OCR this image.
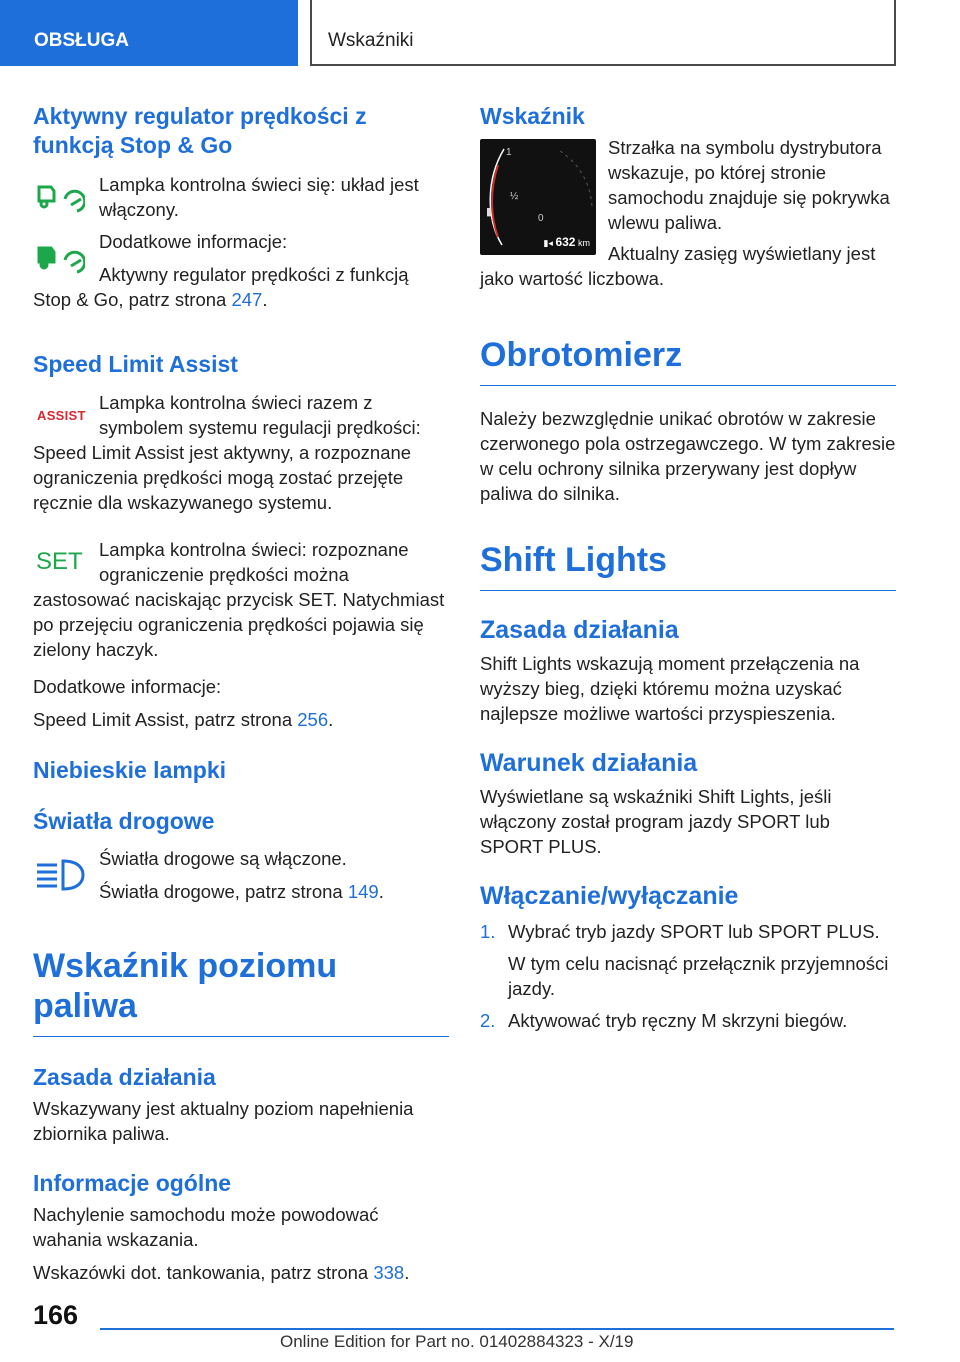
OBSŁUGA	Wskaźniki
Aktywny regulator prędkości z funkcją Stop & Go
Lampka kontrolna świeci się: układ jest włączony.
Dodatkowe informacje:
Aktywny regulator prędkości z funkcją Stop & Go, patrz strona 247.
Speed Limit Assist
ASSIST
Lampka kontrolna świeci razem z symbolem systemu regulacji prędkości: Speed Limit Assist jest aktywny, a rozpoznane ograniczenia prędkości mogą zostać przejęte ręcznie dla wskazywanego systemu.
SET Lampka kontrolna świeci: rozpoznane ograniczenie prędkości można zastosować naciskając przycisk SET. Natychmiast po przejęciu ograniczenia prędkości pojawia się zielony haczyk.
Dodatkowe informacje:
Speed Limit Assist, patrz strona 256.
Niebieskie lampki
Światła drogowe
Światła drogowe są włączone.
Światła drogowe, patrz strona 149.
Wskaźnik poziomu paliwa
Zasada działania
Wskazywany jest aktualny poziom napełnienia zbiornika paliwa.
Informacje ogólne
Nachylenie samochodu może powodować wahania wskazania.
Wskazówki dot. tankowania, patrz strona 338.
Wskaźnik
1
½
0
▮
▮◂ 632 km
Strzałka na symbolu dystrybutora wskazuje, po której stronie samochodu znajduje się pokrywka wlewu paliwa.
Aktualny zasięg wyświetlany jest jako wartość liczbowa.
Obrotomierz
Należy bezwzględnie unikać obrotów w zakresie czerwonego pola ostrzegawczego. W tym zakresie w celu ochrony silnika przerywany jest dopływ paliwa do silnika.
Shift Lights
Zasada działania
Shift Lights wskazują moment przełączenia na wyższy bieg, dzięki któremu można uzyskać najlepsze możliwe wartości przyspieszenia.
Warunek działania
Wyświetlane są wskaźniki Shift Lights, jeśli włączony został program jazdy SPORT lub SPORT PLUS.
Włączanie/wyłączanie
1. Wybrać tryb jazdy SPORT lub SPORT PLUS.
W tym celu nacisnąć przełącznik przyjemności jazdy.
2. Aktywować tryb ręczny M skrzyni biegów.
166
Online Edition for Part no. 01402884323 - X/19
